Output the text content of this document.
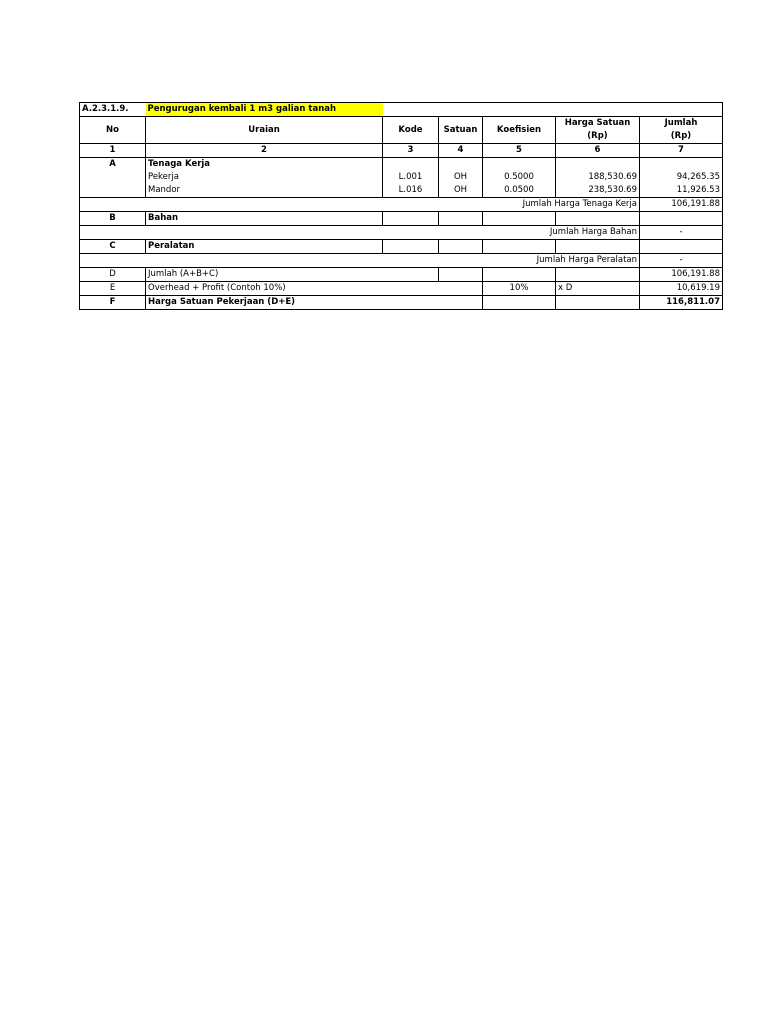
A.2.3.1.9.	Pengurugan kembali 1 m3 galian tanah					
No	Uraian	Kode	Satuan	Koefisien	Harga Satuan	Jumlah
					(Rp)	(Rp)
1	2	3	4	5	6	7
A	Tenaga Kerja					
	Pekerja	L.001	OH	0.5000	188,530.69	94,265.35
	Mandor	L.016	OH	0.0500	238,530.69	11,926.53
Jumlah Harga Tenaga Kerja						106,191.88
B	Bahan					
Jumlah Harga Bahan						-
C	Peralatan					
Jumlah Harga Peralatan						-
D	Jumlah (A+B+C)					106,191.88
E	Overhead + Profit (Contoh 10%)			10%	x D	10,619.19
F	Harga Satuan Pekerjaan (D+E)					116,811.07
